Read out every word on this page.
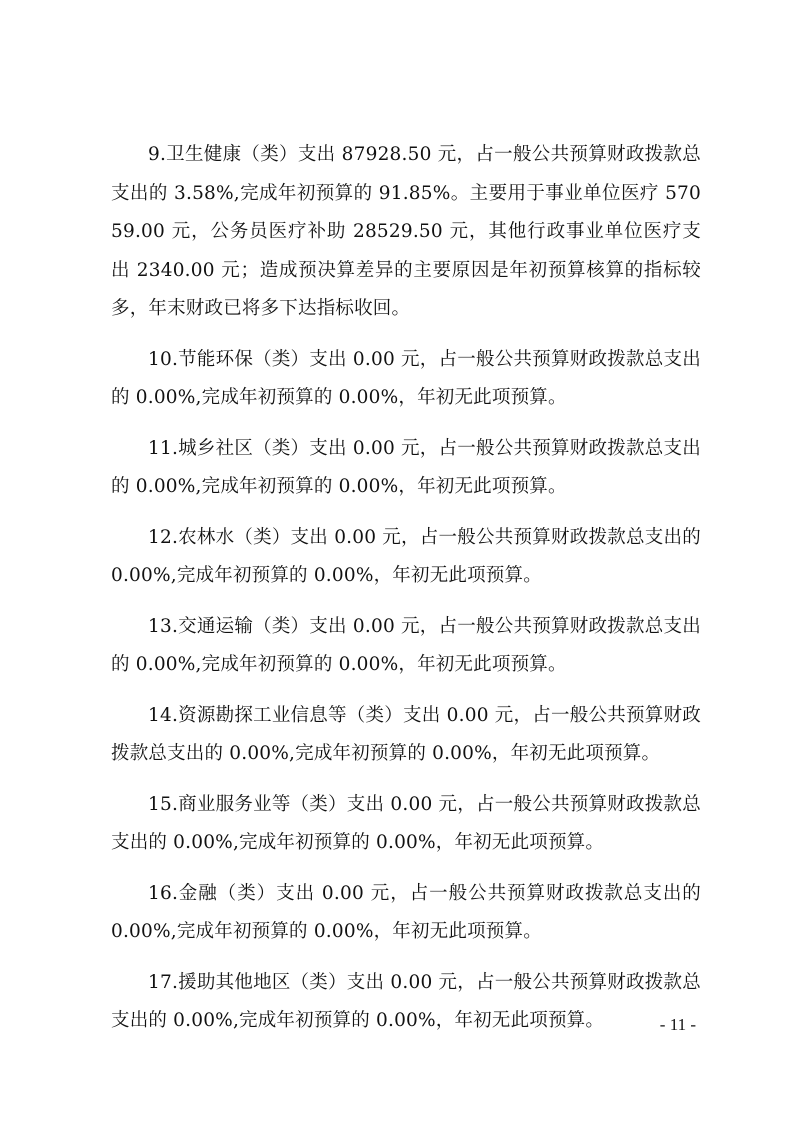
9.卫生健康（类）支出 87928.50 元，占一般公共预算财政拨款总支出的 3.58%,完成年初预算的 91.85%。主要用于事业单位医疗 57059.00 元，公务员医疗补助 28529.50 元，其他行政事业单位医疗支出 2340.00 元；造成预决算差异的主要原因是年初预算核算的指标较多，年末财政已将多下达指标收回。

10.节能环保（类）支出 0.00 元，占一般公共预算财政拨款总支出的 0.00%,完成年初预算的 0.00%，年初无此项预算。

11.城乡社区（类）支出 0.00 元，占一般公共预算财政拨款总支出的 0.00%,完成年初预算的 0.00%，年初无此项预算。

12.农林水（类）支出 0.00 元，占一般公共预算财政拨款总支出的 0.00%,完成年初预算的 0.00%，年初无此项预算。

13.交通运输（类）支出 0.00 元，占一般公共预算财政拨款总支出的 0.00%,完成年初预算的 0.00%，年初无此项预算。

14.资源勘探工业信息等（类）支出 0.00 元，占一般公共预算财政拨款总支出的 0.00%,完成年初预算的 0.00%，年初无此项预算。

15.商业服务业等（类）支出 0.00 元，占一般公共预算财政拨款总支出的 0.00%,完成年初预算的 0.00%，年初无此项预算。

16.金融（类）支出 0.00 元，占一般公共预算财政拨款总支出的 0.00%,完成年初预算的 0.00%，年初无此项预算。

17.援助其他地区（类）支出 0.00 元，占一般公共预算财政拨款总支出的 0.00%,完成年初预算的 0.00%，年初无此项预算。	- 11 -
